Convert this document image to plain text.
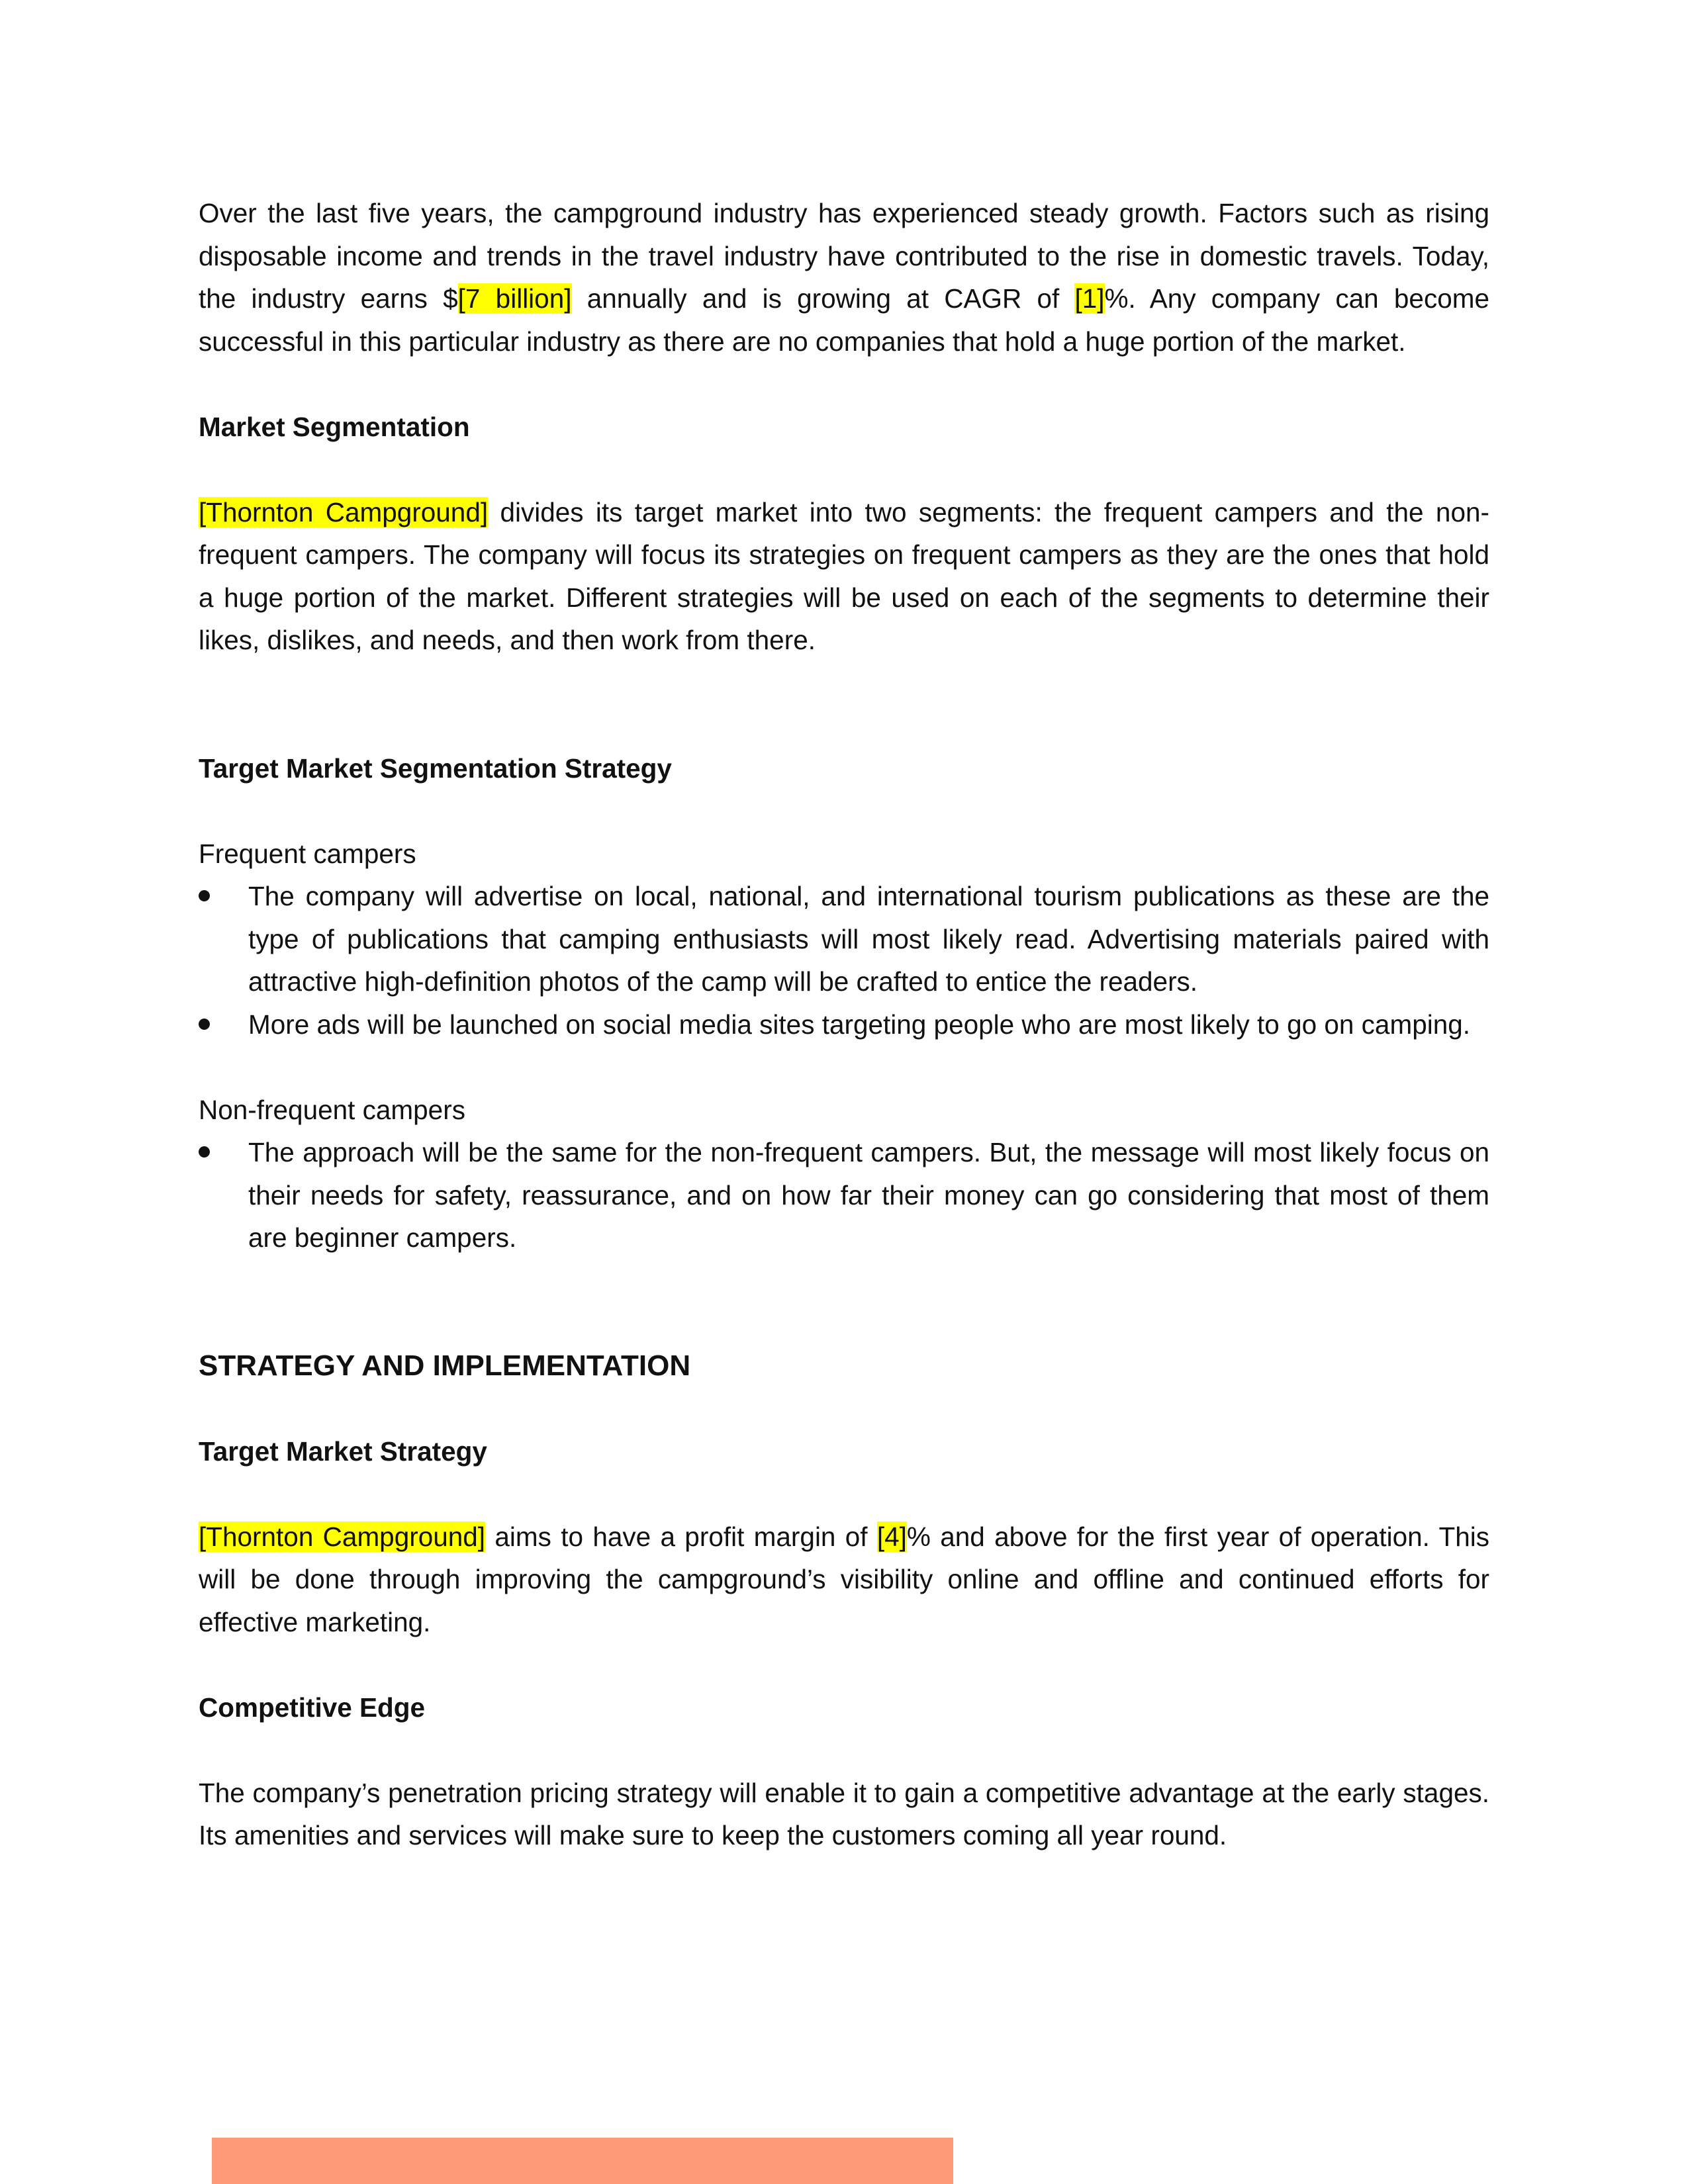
Over the last five years, the campground industry has experienced steady growth. Factors such as rising disposable income and trends in the travel industry have contributed to the rise in domestic travels. Today, the industry earns $[7 billion] annually and is growing at CAGR of [1]%. Any company can become successful in this particular industry as there are no companies that hold a huge portion of the market.

Market Segmentation

[Thornton Campground] divides its target market into two segments: the frequent campers and the non-frequent campers. The company will focus its strategies on frequent campers as they are the ones that hold a huge portion of the market. Different strategies will be used on each of the segments to determine their likes, dislikes, and needs, and then work from there.

Target Market Segmentation Strategy

Frequent campers

The company will advertise on local, national, and international tourism publications as these are the type of publications that camping enthusiasts will most likely read. Advertising materials paired with attractive high-definition photos of the camp will be crafted to entice the readers.
More ads will be launched on social media sites targeting people who are most likely to go on camping.

Non-frequent campers

The approach will be the same for the non-frequent campers. But, the message will most likely focus on their needs for safety, reassurance, and on how far their money can go considering that most of them are beginner campers.

STRATEGY AND IMPLEMENTATION

Target Market Strategy

[Thornton Campground] aims to have a profit margin of [4]% and above for the first year of operation. This will be done through improving the campground’s visibility online and offline and continued efforts for effective marketing.

Competitive Edge

The company’s penetration pricing strategy will enable it to gain a competitive advantage at the early stages. Its amenities and services will make sure to keep the customers coming all year round.
